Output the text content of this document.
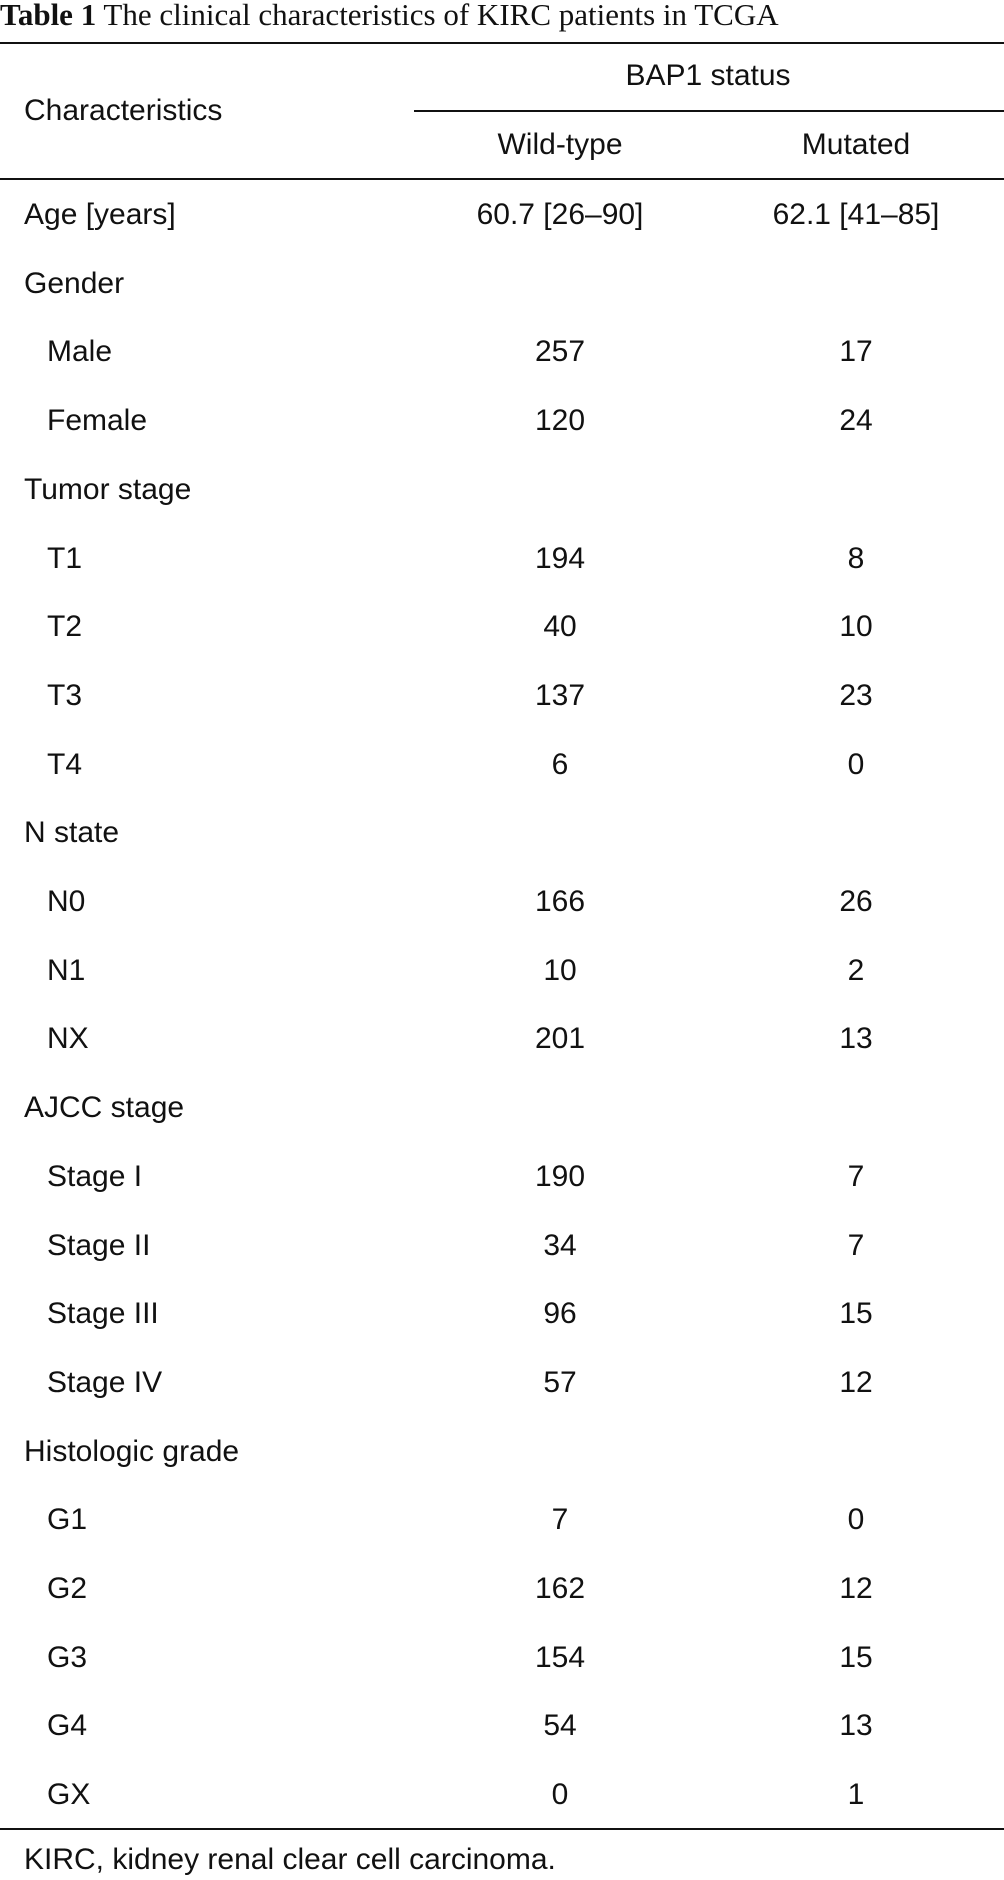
Table 1 The clinical characteristics of KIRC patients in TCGA
Characteristics
BAP1 status
Wild-type	Mutated
Age [years]	60.7 [26–90]	62.1 [41–85]
Gender
Male	257	17
Female	120	24
Tumor stage
T1	194	8
T2	40	10
T3	137	23
T4	6	0
N state
N0	166	26
N1	10	2
NX	201	13
AJCC stage
Stage I	190	7
Stage II	34	7
Stage III	96	15
Stage IV	57	12
Histologic grade
G1	7	0
G2	162	12
G3	154	15
G4	54	13
GX	0	1
KIRC, kidney renal clear cell carcinoma.
